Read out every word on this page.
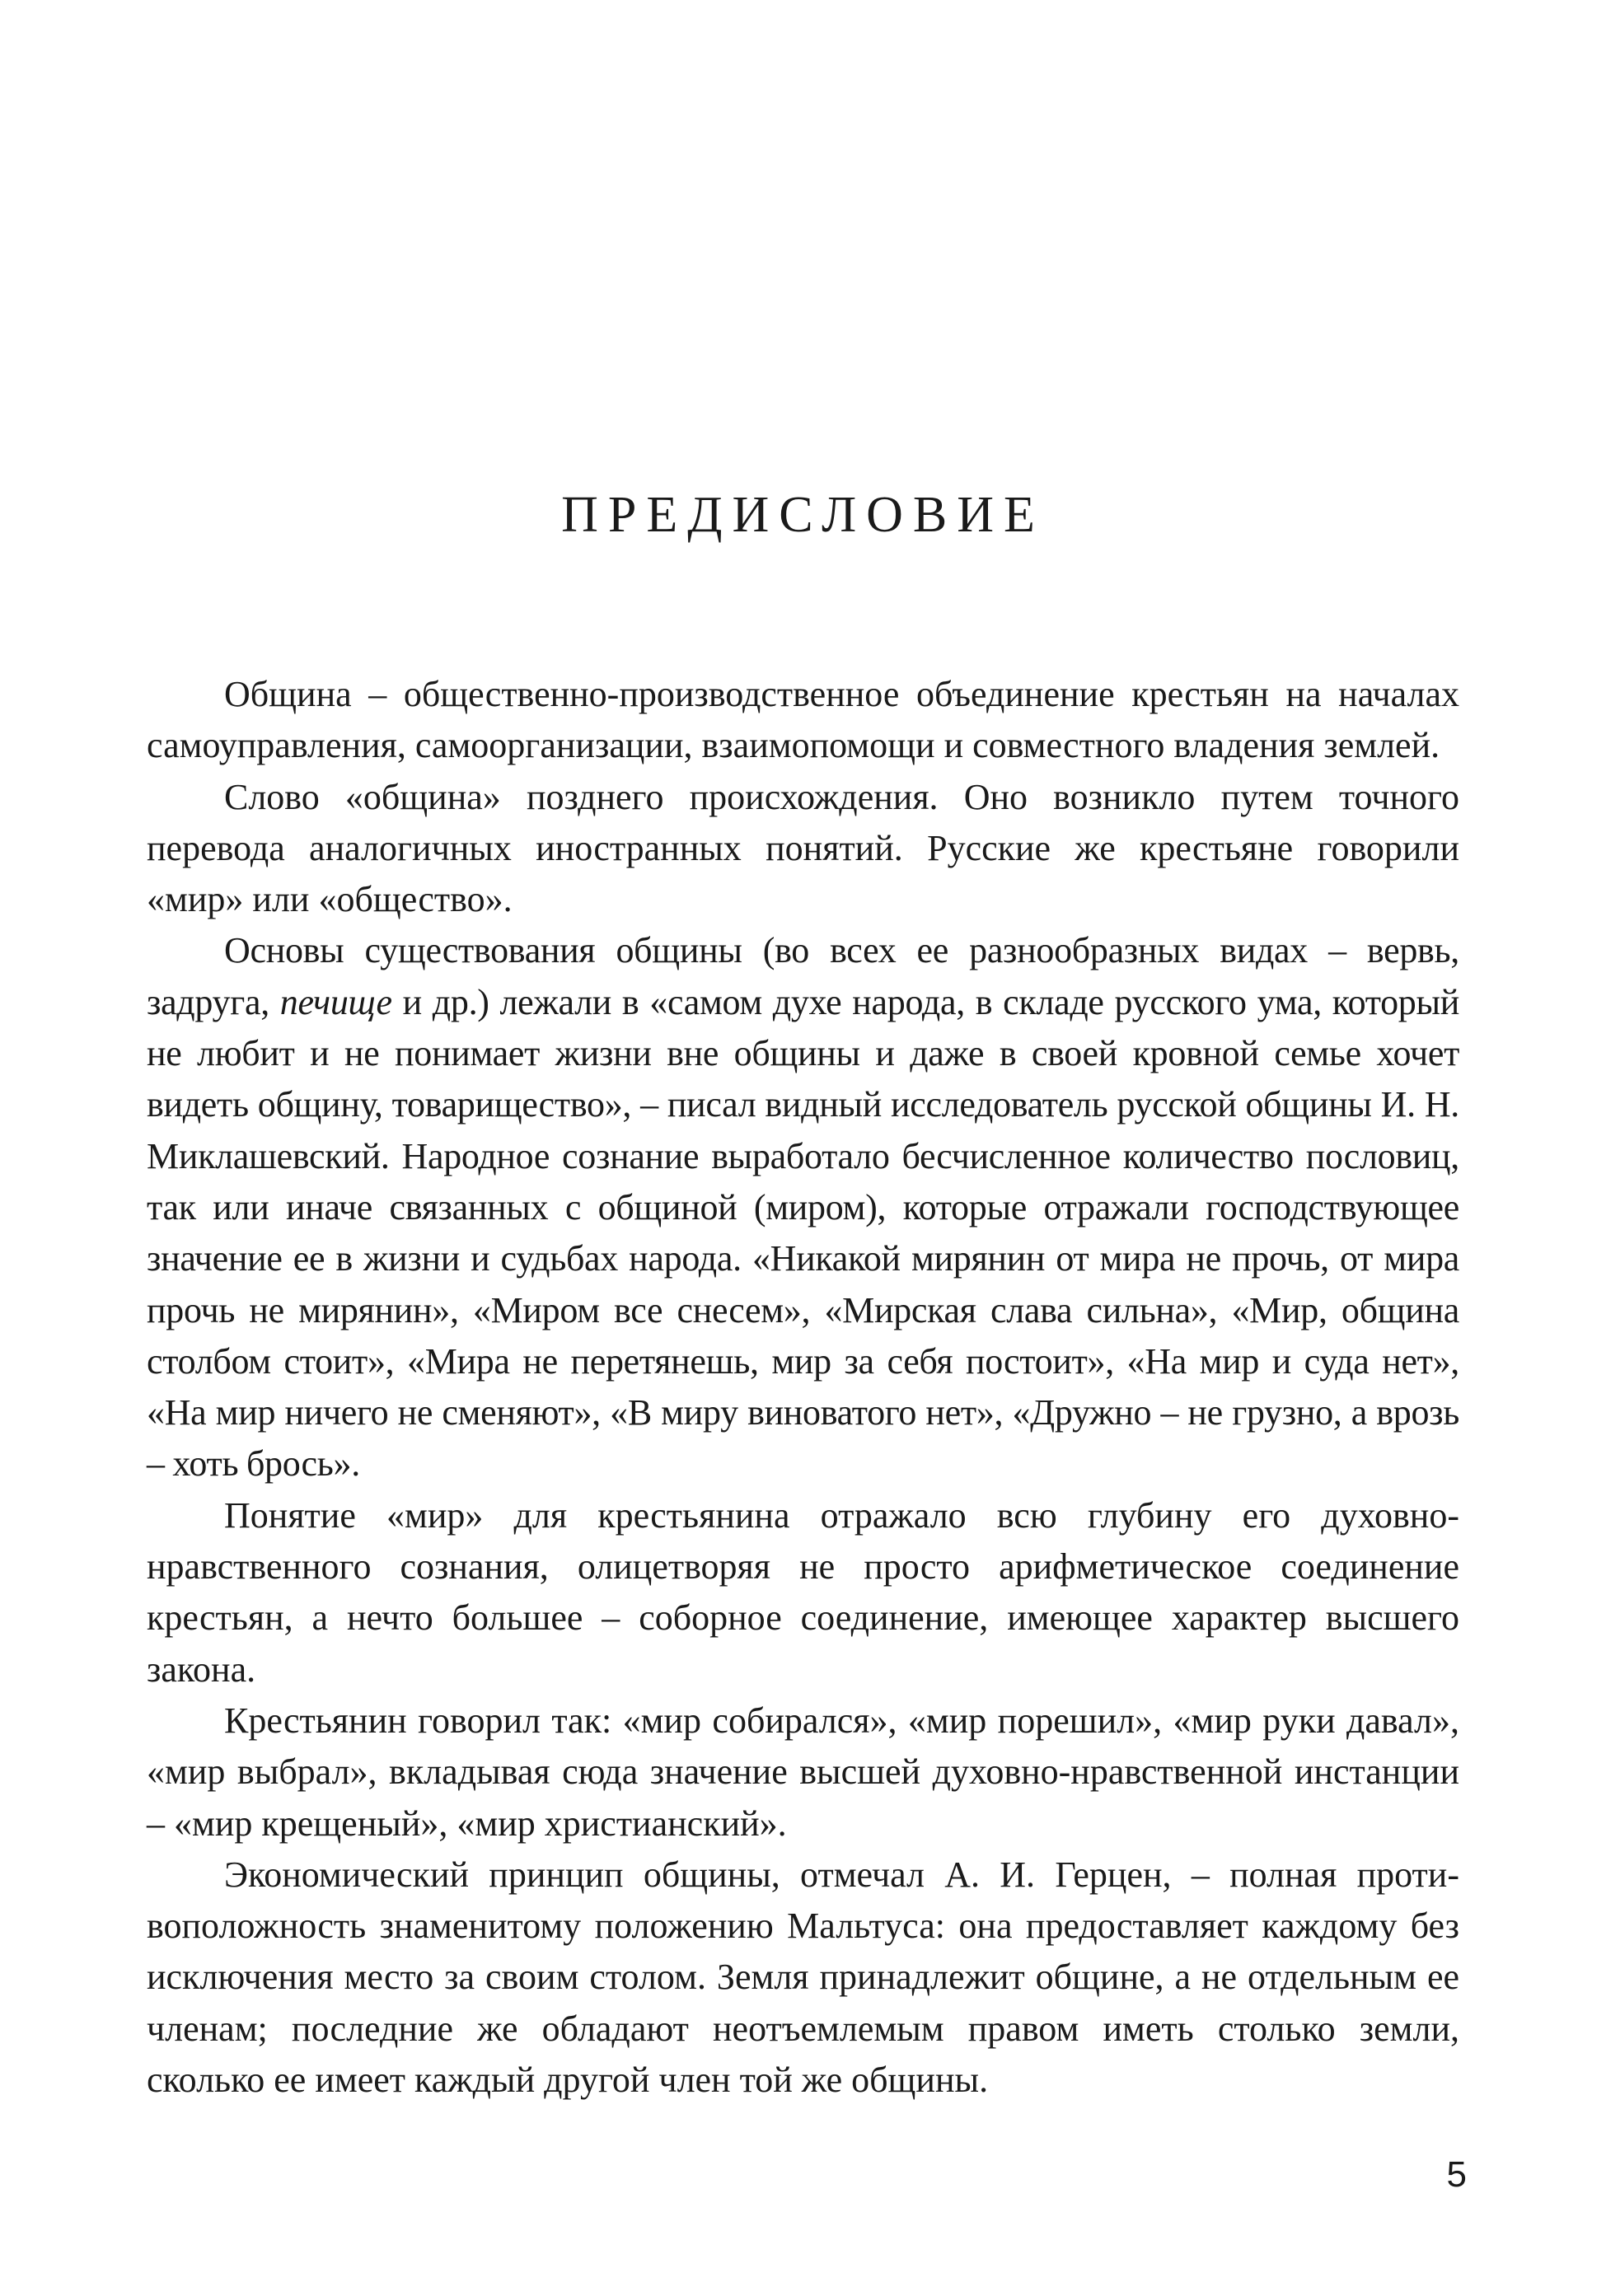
ПРЕДИСЛОВИЕ

Община – общественно-производственное объединение крестьян на началах самоуправления, самоорганизации, взаимопомощи и совместного владения землей.

Слово «община» позднего происхождения. Оно возникло путем точного перевода аналогичных иностранных понятий. Русские же крестьяне говорили «мир» или «общество».

Основы существования общины (во всех ее разнообразных видах – вервь, задруга, печище и др.) лежали в «самом духе народа, в складе русского ума, который не любит и не понимает жизни вне общины и даже в своей кровной семье хочет видеть общину, товарищество», – писал видный исследователь русской общины И. Н. Миклашевский. Народное сознание выработало бесчисленное количество пословиц, так или иначе связанных с общиной (миром), которые отражали господствующее значение ее в жизни и судьбах народа. «Никакой мирянин от мира не прочь, от мира прочь не мирянин», «Миром все снесем», «Мирская слава сильна», «Мир, община столбом стоит», «Мира не перетянешь, мир за себя постоит», «На мир и суда нет», «На мир ничего не сменяют», «В миру виноватого нет», «Дружно – не грузно, а врозь – хоть брось».

Понятие «мир» для крестьянина отражало всю глубину его духовно-нравственного сознания, олицетворяя не просто арифметическое соединение крестьян, а нечто большее – соборное соединение, имеющее характер высшего закона.

Крестьянин говорил так: «мир собирался», «мир порешил», «мир руки давал», «мир выбрал», вкладывая сюда значение высшей духовно-нравственной инстанции – «мир крещеный», «мир христианский».

Экономический принцип общины, отмечал А. И. Герцен, – полная противоположность знаменитому положению Мальтуса: она предоставляет каждому без исключения место за своим столом. Земля принадлежит общине, а не отдельным ее членам; последние же обладают неотъемлемым правом иметь столько земли, сколько ее имеет каждый другой член той же общины.

5
